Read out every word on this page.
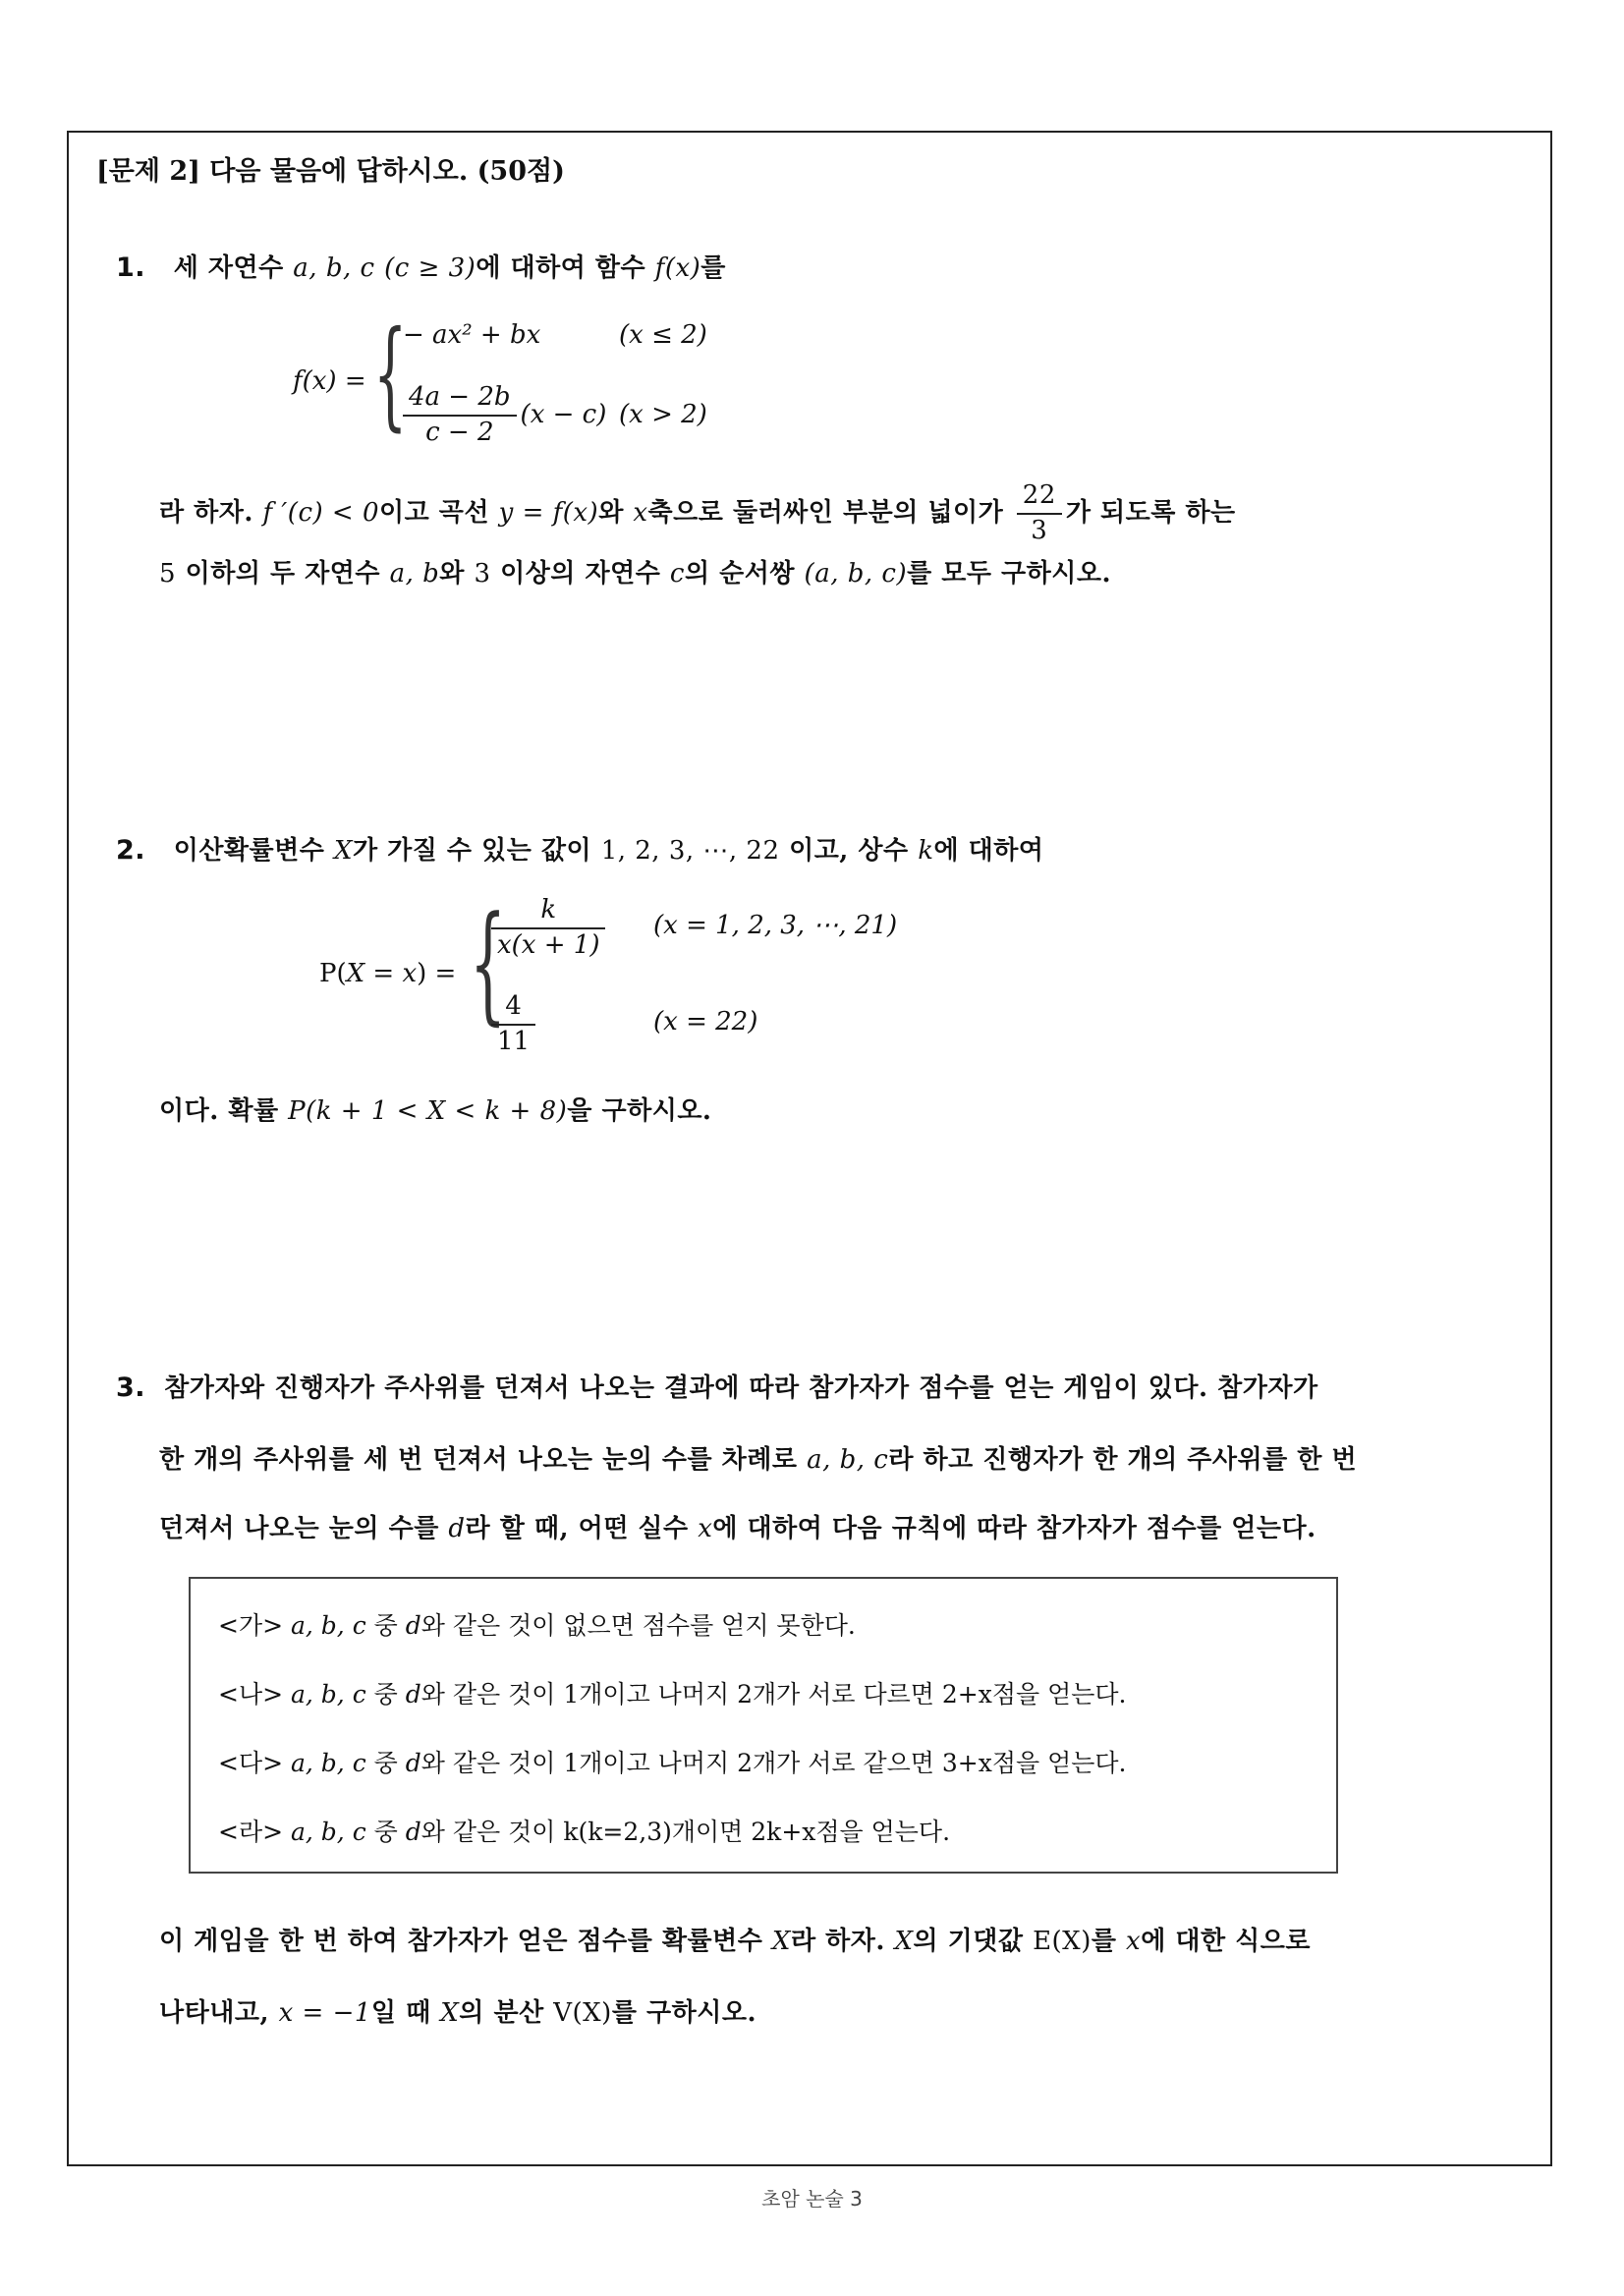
[문제 2] 다음 물음에 답하시오. (50점)
1. 세 자연수 a, b, c (c ≥ 3)에 대하여 함수 f(x)를
f(x) = {
− ax² + bx	(x ≤ 2)
$\frac{4a - 2b}{c - 2} (x - c) (x > 2)$
라 하자. f ′(c) < 0이고 곡선 y = f(x)와 x축으로 둘러싸인 부분의 넓이가 $\frac{22}{3}$ 가 되도록 하는
5 이하의 두 자연수 a, b와 3 이상의 자연수 c의 순서쌍 (a, b, c)를 모두 구하시오.
2. 이산확률변수 X가 가질 수 있는 값이 1, 2, 3, ⋯, 22 이고, 상수 k에 대하여
P(X = x) = {
$\frac{k}{x(x + 1)} (x = 1$, 2, 3, ⋯, 21)
$\frac{4}{11}$	(x = 22)
이다. 확률 P(k + 1 < X < k + 8)을 구하시오.
3. 참가자와 진행자가 주사위를 던져서 나오는 결과에 따라 참가자가 점수를 얻는 게임이 있다. 참가자가
한 개의 주사위를 세 번 던져서 나오는 눈의 수를 차례로 a, b, c라 하고 진행자가 한 개의 주사위를 한 번
던져서 나오는 눈의 수를 d라 할 때, 어떤 실수 x에 대하여 다음 규칙에 따라 참가자가 점수를 얻는다.
<가> a, b, c 중 d와 같은 것이 없으면 점수를 얻지 못한다.
<나> a, b, c 중 d와 같은 것이 1개이고 나머지 2개가 서로 다르면 2+x점을 얻는다.
<다> a, b, c 중 d와 같은 것이 1개이고 나머지 2개가 서로 같으면 3+x점을 얻는다.
<라> a, b, c 중 d와 같은 것이 k(k=2,3)개이면 2k+x점을 얻는다.
이 게임을 한 번 하여 참가자가 얻은 점수를 확률변수 X라 하자. X의 기댓값 E(X)를 x에 대한 식으로
나타내고, x = −1일 때 X의 분산 V(X)를 구하시오.
초암 논술 3
